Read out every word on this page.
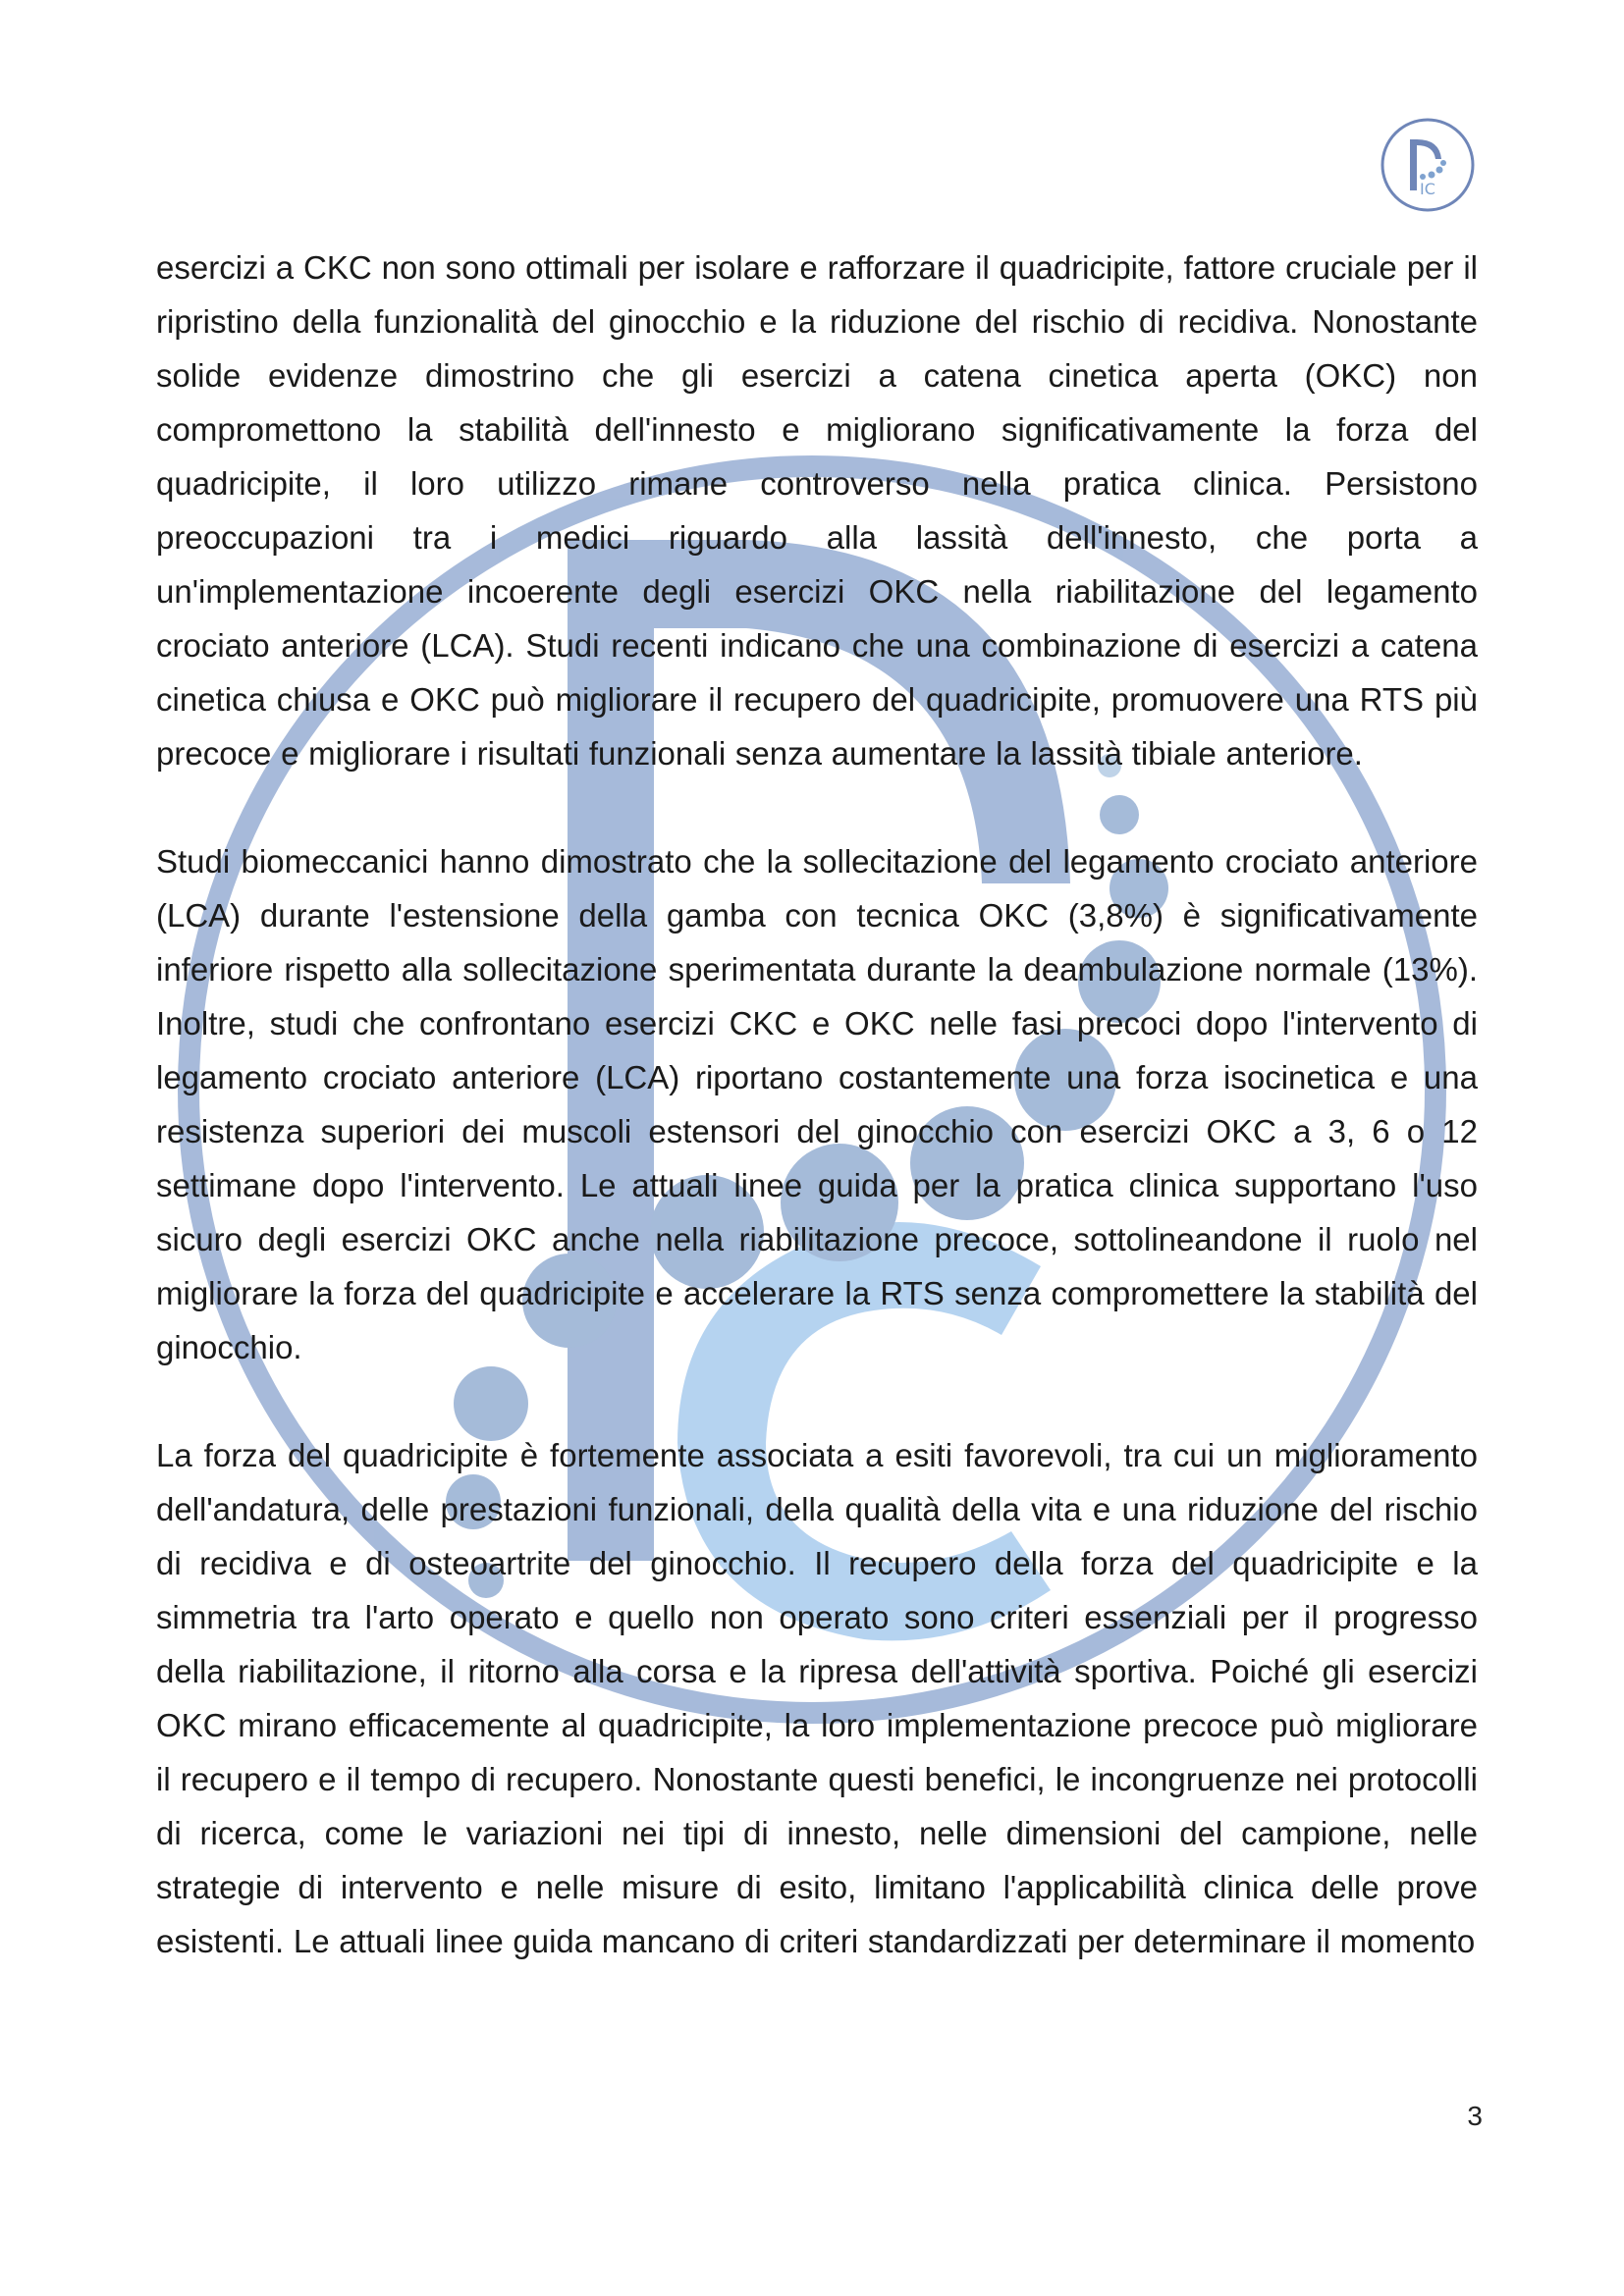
IC

esercizi a CKC non sono ottimali per isolare e rafforzare il quadricipite, fattore cruciale per il ripristino della funzionalità del ginocchio e la riduzione del rischio di recidiva. Nonostante solide evidenze dimostrino che gli esercizi a catena cinetica aperta (OKC) non compromettono la stabilità dell'innesto e migliorano significativamente la forza del quadricipite, il loro utilizzo rimane controverso nella pratica clinica. Persistono preoccupazioni tra i medici riguardo alla lassità dell'innesto, che porta a un'implementazione incoerente degli esercizi OKC nella riabilitazione del legamento crociato anteriore (LCA). Studi recenti indicano che una combinazione di esercizi a catena cinetica chiusa e OKC può migliorare il recupero del quadricipite, promuovere una RTS più precoce e migliorare i risultati funzionali senza aumentare la lassità tibiale anteriore.

Studi biomeccanici hanno dimostrato che la sollecitazione del legamento crociato anteriore (LCA) durante l'estensione della gamba con tecnica OKC (3,8%) è significativamente inferiore rispetto alla sollecitazione sperimentata durante la deambulazione normale (13%). Inoltre, studi che confrontano esercizi CKC e OKC nelle fasi precoci dopo l'intervento di legamento crociato anteriore (LCA) riportano costantemente una forza isocinetica e una resistenza superiori dei muscoli estensori del ginocchio con esercizi OKC a 3, 6 o 12 settimane dopo l'intervento. Le attuali linee guida per la pratica clinica supportano l'uso sicuro degli esercizi OKC anche nella riabilitazione precoce, sottolineandone il ruolo nel migliorare la forza del quadricipite e accelerare la RTS senza compromettere la stabilità del ginocchio.

La forza del quadricipite è fortemente associata a esiti favorevoli, tra cui un miglioramento dell'andatura, delle prestazioni funzionali, della qualità della vita e una riduzione del rischio di recidiva e di osteoartrite del ginocchio. Il recupero della forza del quadricipite e la simmetria tra l'arto operato e quello non operato sono criteri essenziali per il progresso della riabilitazione, il ritorno alla corsa e la ripresa dell'attività sportiva. Poiché gli esercizi OKC mirano efficacemente al quadricipite, la loro implementazione precoce può migliorare il recupero e il tempo di recupero. Nonostante questi benefici, le incongruenze nei protocolli di ricerca, come le variazioni nei tipi di innesto, nelle dimensioni del campione, nelle strategie di intervento e nelle misure di esito, limitano l'applicabilità clinica delle prove esistenti. Le attuali linee guida mancano di criteri standardizzati per determinare il momento

3
